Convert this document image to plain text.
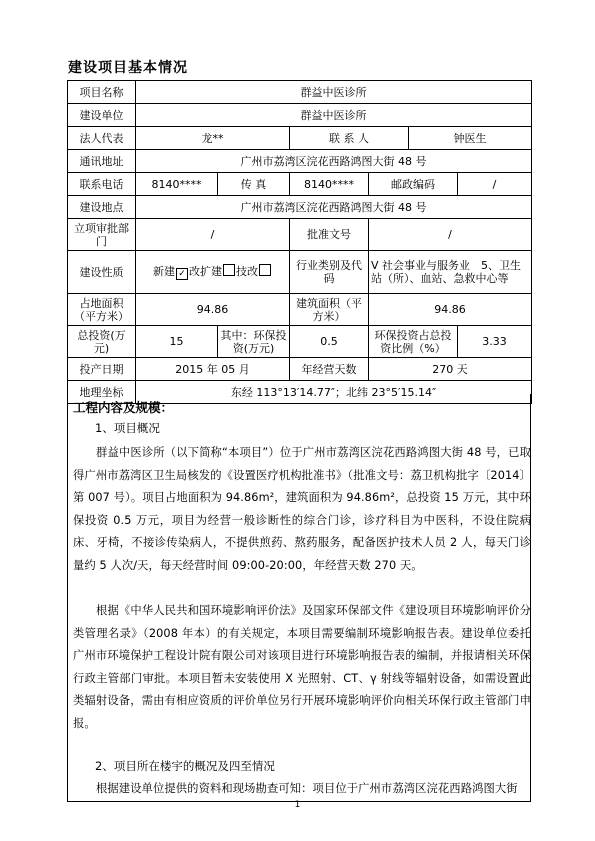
建设项目基本情况
项目名称	群益中医诊所					
建设单位	群益中医诊所					
法人代表	龙**		联 系 人		钟医生	
通讯地址	广州市荔湾区浣花西路鸿图大街 48 号					
联系电话	8140****	传 真	8140****	邮政编码		/
建设地点	广州市荔湾区浣花西路鸿图大街 48 号					
立项审批部门	/		批准文号	/		
建设性质	新建 ✓ 改扩建 技改		行业类别及代码	V 社会事业与服务业　5、卫生站（所）、血站、急救中心等		
占地面积（平方米）	94.86		建筑面积（平方米）	94.86		
总投资(万元)	15	其中：环保投资(万元)	0.5	环保投资占总投资比例（%）		3.33
投产日期	2015 年 05 月		年经营天数	270 天		
地理坐标	东经 113°13′14.77″；北纬 23°5′15.14″					
工程内容及规模：
1、项目概况
群益中医诊所（以下简称“本项目”）位于广州市荔湾区浣花西路鸿图大街 48 号，已取得广州市荔湾区卫生局核发的《设置医疗机构批准书》（批准文号：荔卫机构批字〔2014〕第 007 号）。项目占地面积为 94.86m²，建筑面积为 94.86m²，总投资 15 万元，其中环保投资 0.5 万元，项目为经营一般诊断性的综合门诊，诊疗科目为中医科，不设住院病床、牙椅，不接诊传染病人，不提供煎药、熬药服务，配备医护技术人员 2 人，每天门诊量约 5 人次/天，每天经营时间 09:00-20:00，年经营天数 270 天。
根据《中华人民共和国环境影响评价法》及国家环保部文件《建设项目环境影响评价分类管理名录》（2008 年本）的有关规定，本项目需要编制环境影响报告表。建设单位委托广州市环境保护工程设计院有限公司对该项目进行环境影响报告表的编制，并报请相关环保行政主管部门审批。本项目暂未安装使用 X 光照射、CT、γ 射线等辐射设备，如需设置此类辐射设备，需由有相应资质的评价单位另行开展环境影响评价向相关环保行政主管部门申报。
2、项目所在楼宇的概况及四至情况
根据建设单位提供的资料和现场勘查可知：项目位于广州市荔湾区浣花西路鸿图大街
1
